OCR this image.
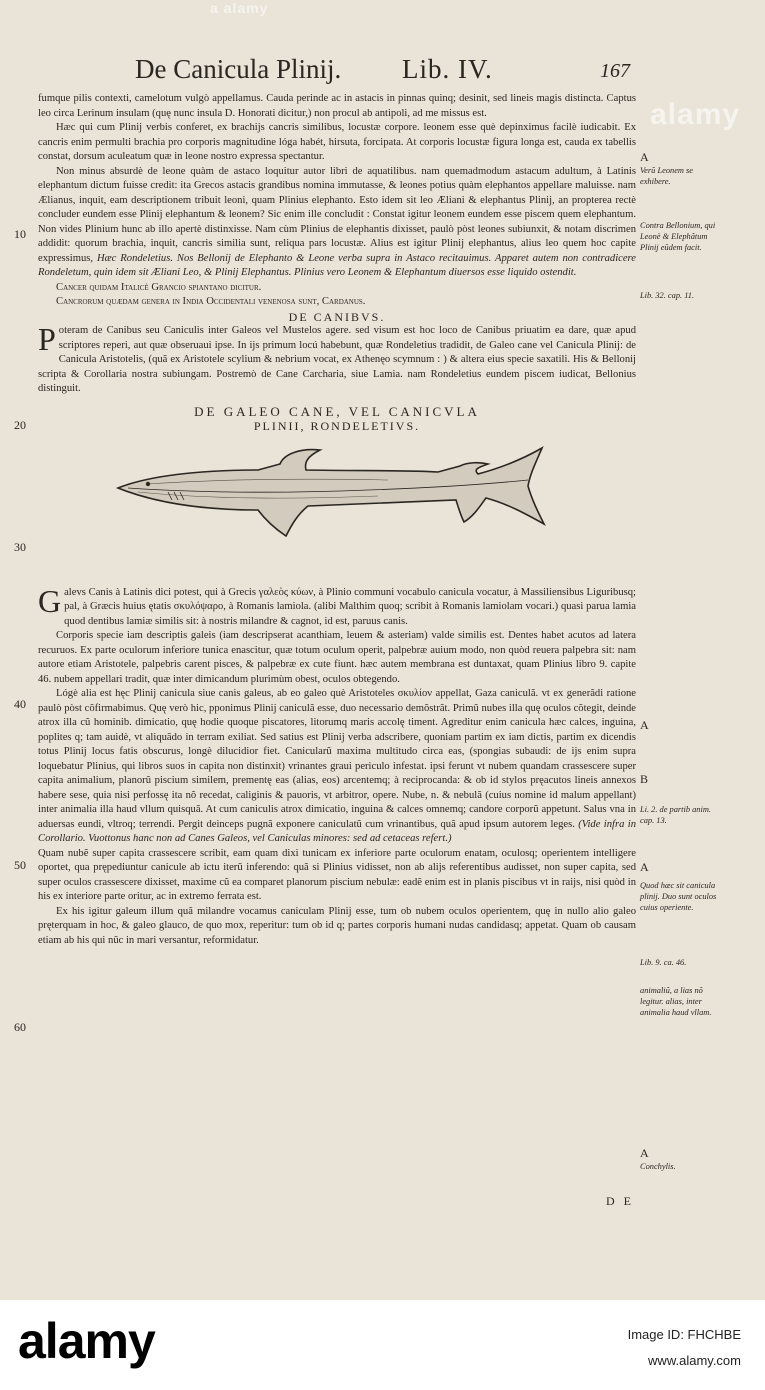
a alamy
alamy
De Canicula Plinij. Lib. IV.	167
10
20
30
40
50
60

fumque pilis contexti, camelotum vulgò appellamus. Cauda perinde ac in astacis in pinnas quinq; desinit, sed lineis magis distincta. Captus leo circa Lerinum insulam (quę nunc insula D. Honorati dicitur,) non procul ab antipoli, ad me missus est.

Hæc qui cum Plinij verbis conferet, ex brachijs cancris similibus, locustæ corpore. leonem esse què depinximus facilè iudicabit. Ex cancris enim permulti brachia pro corporis magnitudine lóga habét, hirsuta, forcipata. At corporis locustæ figura longa est, cauda ex tabellis constat, dorsum aculeatum quæ in leone nostro expressa spectantur.

Non minus absurdè de leone quàm de astaco loquitur autor libri de aquatilibus. nam quemadmodum astacum adultum, à Latinis elephantum dictum fuisse credit: ita Grecos astacis grandibus nomina immutasse, & leones potius quàm elephantos appellare maluisse. nam Ælianus, inquit, eam descriptionem tribuit leoni, quam Plinius elephanto. Esto idem sit leo Æliani & elephantus Plinij, an propterea rectè concluder eundem esse Plinij elephantum & leonem? Sic enim ille concludit : Constat igitur leonem eundem esse piscem quem elephantum. Non vides Plinium hunc ab illo apertè distinxisse. Nam cùm Plinius de elephantis dixisset, paulò pòst leones subiunxit, & notam discrimen addidit: quorum brachia, inquit, cancris similia sunt, reliqua pars locustæ. Alius est igitur Plinij elephantus, alius leo quem hoc capite expressimus, Hæc Rondeletius. Nos Bellonij de Elephanto & Leone verba supra in Astaco recitauimus. Apparet autem non contradicere Rondeletum, quin idem sit Æliani Leo, & Plinij Elephantus. Plinius vero Leonem & Elephantum diuersos esse liquido ostendit.

Cancer quidam Italicè Grancio spiantano dicitur.

Cancrorum quædam genera in India Occidentali venenosa sunt, Cardanus.

DE CANIBVS.

Poteram de Canibus seu Caniculis inter Galeos vel Mustelos agere. sed visum est hoc loco de Canibus priuatim ea dare, quæ apud scriptores reperi, aut quæ obseruaui ipse. In ijs primum locú habebunt, quæ Rondeletius tradidit, de Galeo cane vel Canicula Plinij: de Canicula Aristotelis, (quã ex Aristotele scylium & nebrium vocat, ex Athenęo scymnum : ) & altera eius specie saxatili. His & Bellonij scripta & Corollaria nostra subiungam. Postremò de Cane Carcharia, siue Lamia. nam Rondeletius eundem piscem iudicat, Bellonius distinguit.

DE GALEO CANE, VEL CANICVLA

PLINII, RONDELETIVS.

Galevs Canis à Latinis dici potest, qui à Grecis γαλεὸς κύων, à Plinio communi vocabulo canicula vocatur, à Massiliensibus Liguribusq; pal, à Græcis huius ętatis σκυλόψαρο, à Romanis lamiola. (alibi Malthim quoq; scribit à Romanis lamiolam vocari.) quasi parua lamia quod dentibus lamiæ similis sit: à nostris milandre & cagnot, id est, paruus canis.

Corporis specie iam descriptis galeis (iam descripserat acanthiam, leuem & asteriam) valde similis est. Dentes habet acutos ad latera recuruos. Ex parte oculorum inferiore tunica enascitur, quæ totum oculum operit, palpebræ auium modo, non quòd reuera palpebra sit: nam autore etiam Aristotele, palpebris carent pisces, & palpebræ ex cute fiunt. hæc autem membrana est duntaxat, quam Plinius libro 9. capite 46. nubem appellari tradit, quæ inter dimicandum plurimùm obest, oculos obtegendo.

Lógè alia est hęc Plinij canicula siue canis galeus, ab eo galeo què Aristoteles σκυλίον appellat, Gaza caniculã. vt ex generãdi ratione paulò pòst cõfirmabimus. Quę verò hic, pponimus Plinij caniculã esse, duo necessario demõstrãt. Primũ nubes illa quę oculos cõtegit, deinde atrox illa cũ hominib. dimicatio, quę hodie quoque piscatores, litorumq maris accolę timent. Agreditur enim canicula hæc calces, inguina, poplites q; tam auidè, vt aliquãdo in terram exiliat. Sed satius est Plinij verba adscribere, quoniam partim ex iam dictis, partim ex dicendis totus Plinij locus fatis obscurus, longè dilucidior fiet. Canicularũ maxima multitudo circa eas, (spongias subaudi: de ijs enim supra loquebatur Plinius, qui libros suos in capita non distinxit) vrinantes graui periculo infestat. ipsi ferunt vt nubem quandam crassescere super capita animalium, planorũ piscium similem, prementę eas (alias, eos) arcentemq; à reciprocanda: & ob id stylos pręacutos lineis annexos habere sese, quia nisi perfossę ita nõ recedat, caliginis & pauoris, vt arbitror, opere. Nube, n. & nebulã (cuius nomine id malum appellant) inter animalia illa haud vllum quisquã. At cum caniculis atrox dimicatio, inguina & calces omnemq; candore corporũ appetunt. Salus vna in aduersas eundi, vltroq; terrendi. Pergit deinceps pugnã exponere caniculatũ cum vrinantibus, quã apud ipsum autorem leges. (Vide infra in Corollario. Vuottonus hanc non ad Canes Galeos, vel Caniculas minores: sed ad cetaceas refert.)

Quam nubẽ super capita crassescere scribit, eam quam dixi tunicam ex inferiore parte oculorum enatam, oculosq; operientem intelligere oportet, qua prępediuntur canicule ab ictu iterũ inferendo: quã si Plinius vidisset, non ab alijs referentibus audisset, non super capita, sed super oculos crassescere dixisset, maxime cũ ea comparet planorum piscium nebulæ: eadẽ enim est in planis piscibus vt in raijs, nisi quòd in his ex interiore parte oritur, ac in extremo ferrata est.

Ex his igitur galeum illum quã milandre vocamus caniculam Plinij esse, tum ob nubem oculos operientem, quę in nullo alio galeo pręterquam in hoc, & galeo glauco, de quo mox, reperitur: tum ob id q; partes corporis humani nudas candidasq; appetat. Quam ob causam etiam ab his qui nũc in mari versantur, reformidatur.

Verũ Leonem se exhibere.
Contra Bellonium, qui Leonè & Elephãtum Plinij eũdem facit.
Lib. 32. cap. 11.
A
A
B
Li. 2. de partib anim. cap. 13.
A
Quod hæc sit canicula plinij. Duo sunt oculos cuius operiente.
Lib. 9. ca. 46.
animaliũ, a lias nõ legitur. alias, inter animalia haud vllam.
A
Conchylis.
D E
alamy	Image ID: FHCHBE
www.alamy.com
